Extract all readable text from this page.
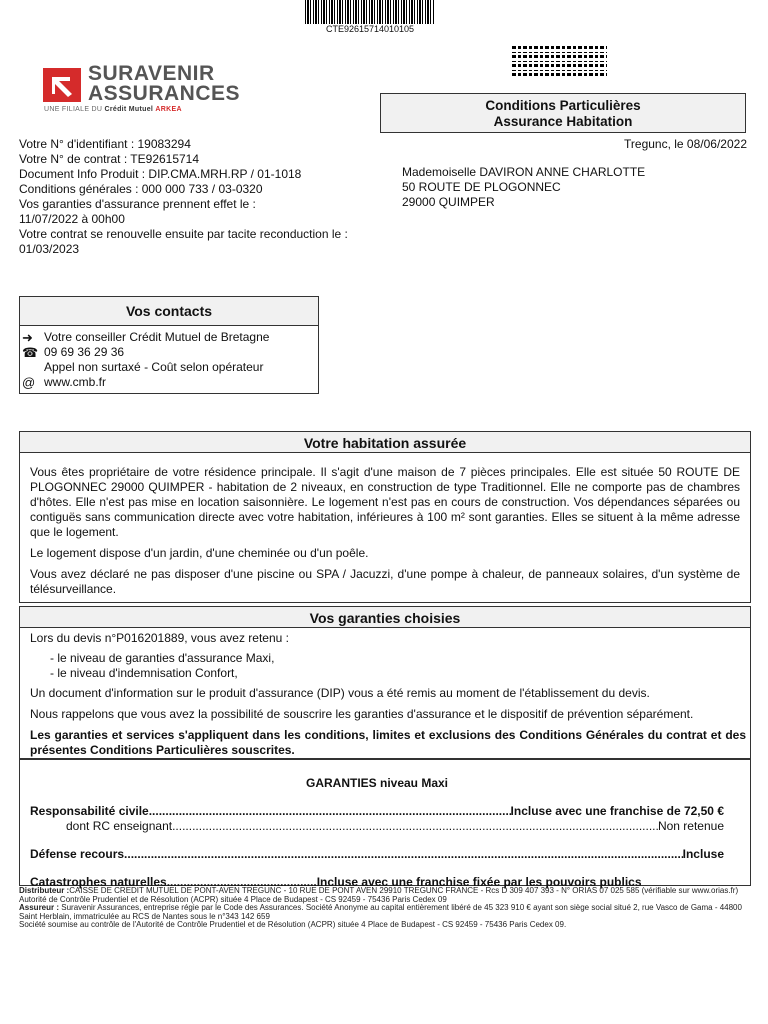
CTE92615714010105
SURAVENIR
ASSURANCES
UNE FILIALE DU Crédit Mutuel ARKEA	Conditions Particulières
Assurance Habitation
Votre N° d'identifiant : 19083294
Votre N° de contrat : TE92615714
Document Info Produit : DIP.CMA.MRH.RP / 01-1018
Conditions générales : 000 000 733 / 03-0320
Vos garanties d'assurance prennent effet le :
11/07/2022 à 00h00
Votre contrat se renouvelle ensuite par tacite reconduction le :
01/03/2023
Tregunc, le 08/06/2022
Mademoiselle DAVIRON ANNE CHARLOTTE
50 ROUTE DE PLOGONNEC
29000 QUIMPER
Vos contacts
➜ Votre conseiller Crédit Mutuel de Bretagne
☎ 09 69 36 29 36
Appel non surtaxé - Coût selon opérateur
@ www.cmb.fr
Votre habitation assurée

Vous êtes propriétaire de votre résidence principale. Il s'agit d'une maison de 7 pièces principales. Elle est située 50 ROUTE DE PLOGONNEC 29000 QUIMPER - habitation de 2 niveaux, en construction de type Traditionnel. Elle ne comporte pas de chambres d'hôtes. Elle n'est pas mise en location saisonnière. Le logement n'est pas en cours de construction. Vos dépendances séparées ou contiguës sans communication directe avec votre habitation, inférieures à 100 m² sont garanties. Elles se situent à la même adresse que le logement.

Le logement dispose d'un jardin, d'une cheminée ou d'un poêle.

Vous avez déclaré ne pas disposer d'une piscine ou SPA / Jacuzzi, d'une pompe à chaleur, de panneaux solaires, d'un système de télésurveillance.

Vos garanties choisies
Lors du devis n°P016201889, vous avez retenu :
- le niveau de garanties d'assurance Maxi,
- le niveau d'indemnisation Confort,

Un document d'information sur le produit d'assurance (DIP) vous a été remis au moment de l'établissement du devis.

Nous rappelons que vous avez la possibilité de souscrire les garanties d'assurance et le dispositif de prévention séparément.

Les garanties et services s'appliquent dans les conditions, limites et exclusions des Conditions Générales du contrat et des présentes Conditions Particulières souscrites.

GARANTIES niveau Maxi
Responsabilité civile .....	Incluse avec une franchise de 72,50 €
dont RC enseignant .....	Non retenue
Défense recours .....	Incluse
Catastrophes naturelles .....	Incluse avec une franchise fixée par les pouvoirs publics
Distributeur :CAISSE DE CREDIT MUTUEL DE PONT-AVEN TREGUNC - 10 RUE DE PONT AVEN 29910 TREGUNC FRANCE - Rcs D 309 407 393 - N° ORIAS 07 025 585 (vérifiable sur www.orias.fr)
Autorité de Contrôle Prudentiel et de Résolution (ACPR) située 4 Place de Budapest - CS 92459 - 75436 Paris Cedex 09
Assureur : Suravenir Assurances, entreprise régie par le Code des Assurances. Société Anonyme au capital entièrement libéré de 45 323 910 € ayant son siège social situé 2, rue Vasco de Gama - 44800 Saint Herblain, immatriculée au RCS de Nantes sous le n°343 142 659
Société soumise au contrôle de l'Autorité de Contrôle Prudentiel et de Résolution (ACPR) située 4 Place de Budapest - CS 92459 - 75436 Paris Cedex 09.
